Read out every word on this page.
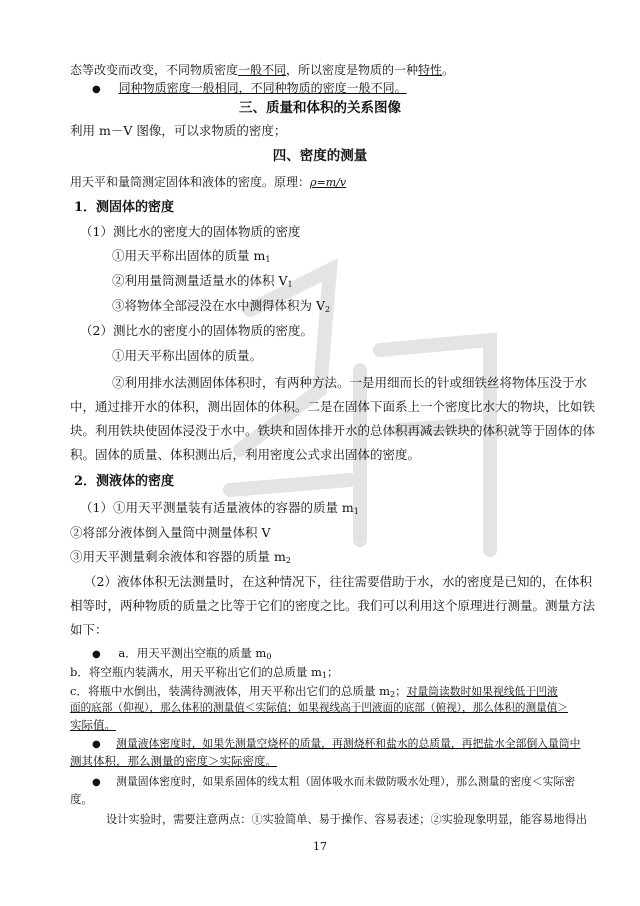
态等改变而改变，不同物质密度一般不同，所以密度是物质的一种特性。
● 同种物质密度一般相同，不同种物质的密度一般不同。
三、质量和体积的关系图像
利用 m－V 图像，可以求物质的密度；
四、密度的测量
用天平和量筒测定固体和液体的密度。原理：ρ=m/v
1．测固体的密度
（1）测比水的密度大的固体物质的密度
①用天平称出固体的质量 $m_1$
②利用量筒测量适量水的体积 $V_1$
③将物体全部浸没在水中测得体积为 $V_2$
（2）测比水的密度小的固体物质的密度。
①用天平称出固体的质量。
②利用排水法测固体体积时，有两种方法。一是用细而长的针或细铁丝将物体压没于水中，通过排开水的体积，测出固体的体积。二是在固体下面系上一个密度比水大的物块，比如铁块。利用铁块使固体浸没于水中。铁块和固体排开水的总体积再减去铁块的体积就等于固体的体积。固体的质量、体积测出后，利用密度公式求出固体的密度。
2．测液体的密度
（1）①用天平测量装有适量液体的容器的质量 $m_1$
②将部分液体倒入量筒中测量体积 V
③用天平测量剩余液体和容器的质量 $m_2$
（2）液体体积无法测量时，在这种情况下，往往需要借助于水，水的密度是已知的，在体积相等时，两种物质的质量之比等于它们的密度之比。我们可以利用这个原理进行测量。测量方法如下：
● a．用天平测出空瓶的质量 $m_0$
b．将空瓶内装满水，用天平称出它们的总质量 $m_1$；
c．将瓶中水倒出，装满待测液体，用天平称出它们的总质量 $m_2$；对量筒读数时如果视线低于凹液
面的底部（仰视），那么体积的测量值＜实际值；如果视线高于凹液面的底部（俯视），那么体积的测量值＞
实际值。
● 测量液体密度时，如果先测量空烧杯的质量，再测烧杯和盐水的总质量，再把盐水全部倒入量筒中
测其体积，那么测量的密度＞实际密度。
● 测量固体密度时，如果系固体的线太粗（固体吸水而未做防吸水处理），那么测量的密度＜实际密
度。
设计实验时，需要注意两点：①实验简单、易于操作、容易表述；②实验现象明显，能容易地得出
17
